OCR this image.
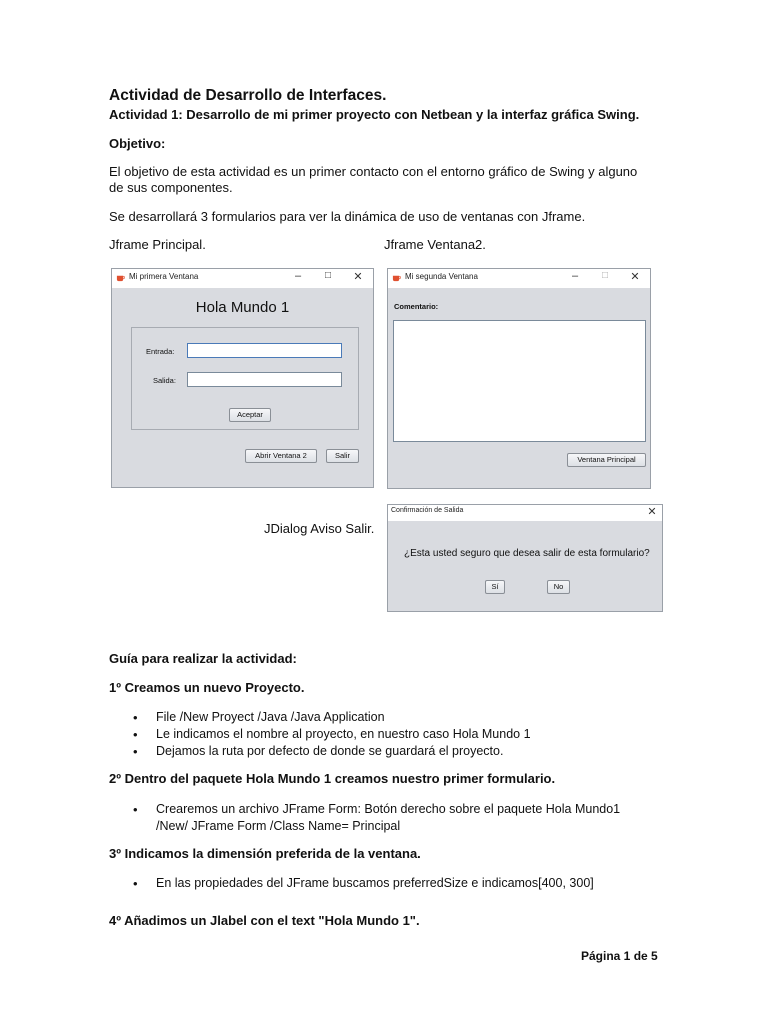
Actividad de Desarrollo de Interfaces.
Actividad 1: Desarrollo de mi primer proyecto con Netbean y la interfaz gráfica Swing.
Objetivo:
El objetivo de esta actividad es un primer contacto con el entorno gráfico de Swing y alguno
de sus componentes.
Se desarrollará 3 formularios para ver la dinámica de uso de ventanas con Jframe.
Jframe Principal.	Jframe Ventana2.
Mi primera Ventana	–	□	✕
Hola Mundo 1
Entrada:
Salida:
Aceptar
Abrir Ventana 2	Salir
Mi segunda Ventana	–	□	✕
Comentario:
Ventana Principal
JDialog Aviso Salir.
Confirmación de Salida	✕
¿Esta usted seguro que desea salir de esta formulario?
Sí	No
Guía para realizar la actividad:
1º Creamos un nuevo Proyecto.
• File /New Proyect /Java /Java Application
• Le indicamos el nombre al proyecto, en nuestro caso Hola Mundo 1
• Dejamos la ruta por defecto de donde se guardará el proyecto.
2º Dentro del paquete Hola Mundo 1 creamos nuestro primer formulario.
• Crearemos un archivo JFrame Form: Botón derecho sobre el paquete Hola Mundo1
/New/ JFrame Form /Class Name= Principal
3º Indicamos la dimensión preferida de la ventana.
• En las propiedades del JFrame buscamos preferredSize e indicamos[400, 300]
4º Añadimos un Jlabel con el text "Hola Mundo 1".
Página 1 de 5
